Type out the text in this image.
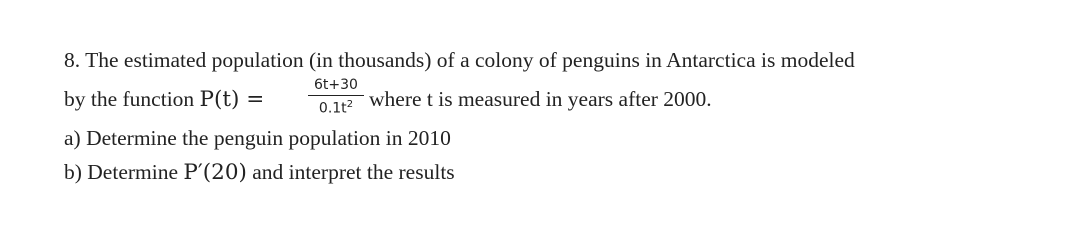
8. The estimated population (in thousands) of a colony of penguins in Antarctica is modeled
by the function P(t) =
6t+30
$0.1t^2$ where t is measured in years after 2000.
a) Determine the penguin population in 2010
b) Determine P′(20) and interpret the results
